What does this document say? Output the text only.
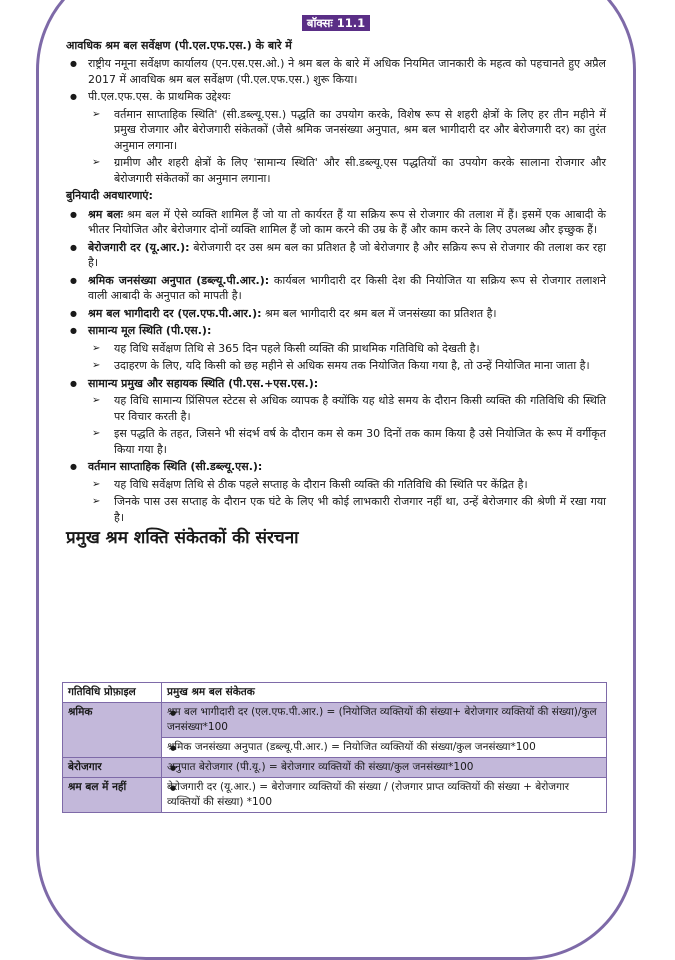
बॉक्सः 11.1
आवधिक श्रम बल सर्वेक्षण (पी.एल.एफ.एस.) के बारे में
● राष्ट्रीय नमूना सर्वेक्षण कार्यालय (एन.एस.एस.ओ.) ने श्रम बल के बारे में अधिक नियमित जानकारी के महत्व को पहचानते हुए अप्रैल 2017 में आवधिक श्रम बल सर्वेक्षण (पी.एल.एफ.एस.) शुरू किया।
● पी.एल.एफ.एस. के प्राथमिक उद्देश्यः
➢ वर्तमान साप्ताहिक स्थिति' (सी.डब्ल्यू.एस.) पद्धति का उपयोग करके, विशेष रूप से शहरी क्षेत्रों के लिए हर तीन महीने में प्रमुख रोजगार और बेरोजगारी संकेतकों (जैसे श्रमिक जनसंख्या अनुपात, श्रम बल भागीदारी दर और बेरोजगारी दर) का तुरंत अनुमान लगाना।
➢ ग्रामीण और शहरी क्षेत्रों के लिए 'सामान्य स्थिति' और सी.डब्ल्यू.एस पद्धतियों का उपयोग करके सालाना रोजगार और बेरोजगारी संकेतकों का अनुमान लगाना।
बुनियादी अवधारणाएं:
● श्रम बलः श्रम बल में ऐसे व्यक्ति शामिल हैं जो या तो कार्यरत हैं या सक्रिय रूप से रोजगार की तलाश में हैं। इसमें एक आबादी के भीतर नियोजित और बेरोजगार दोनों व्यक्ति शामिल हैं जो काम करने की उम्र के हैं और काम करने के लिए उपलब्ध और इच्छुक हैं।
● बेरोजगारी दर (यू.आर.): बेरोजगारी दर उस श्रम बल का प्रतिशत है जो बेरोजगार है और सक्रिय रूप से रोजगार की तलाश कर रहा है।
● श्रमिक जनसंख्या अनुपात (डब्ल्यू.पी.आर.): कार्यबल भागीदारी दर किसी देश की नियोजित या सक्रिय रूप से रोजगार तलाशने वाली आबादी के अनुपात को मापती है।
● श्रम बल भागीदारी दर (एल.एफ.पी.आर.): श्रम बल भागीदारी दर श्रम बल में जनसंख्या का प्रतिशत है।
● सामान्य मूल स्थिति (पी.एस.):
➢ यह विधि सर्वेक्षण तिथि से 365 दिन पहले किसी व्यक्ति की प्राथमिक गतिविधि को देखती है।
➢ उदाहरण के लिए, यदि किसी को छह महीने से अधिक समय तक नियोजित किया गया है, तो उन्हें नियोजित माना जाता है।
● सामान्य प्रमुख और सहायक स्थिति (पी.एस.+एस.एस.):
➢ यह विधि सामान्य प्रिंसिपल स्टेटस से अधिक व्यापक है क्योंकि यह थोडे समय के दौरान किसी व्यक्ति की गतिविधि की स्थिति पर विचार करती है।
➢ इस पद्धति के तहत, जिसने भी संदर्भ वर्ष के दौरान कम से कम 30 दिनों तक काम किया है उसे नियोजित के रूप में वर्गीकृत किया गया है।
● वर्तमान साप्ताहिक स्थिति (सी.डब्ल्यू.एस.):
➢ यह विधि सर्वेक्षण तिथि से ठीक पहले सप्ताह के दौरान किसी व्यक्ति की गतिविधि की स्थिति पर केंद्रित है।
➢ जिनके पास उस सप्ताह के दौरान एक घंटे के लिए भी कोई लाभकारी रोजगार नहीं था, उन्हें बेरोजगार की श्रेणी में रखा गया है।
प्रमुख श्रम शक्ति संकेतकों की संरचना
गतिविधि प्रोफ़ाइल	प्रमुख श्रम बल संकेतक
श्रमिक	● श्रम बल भागीदारी दर (एल.एफ.पी.आर.) = (नियोजित व्यक्तियों की संख्या+ बेरोजगार व्यक्तियों की संख्या)/कुल जनसंख्या*100
	● श्रमिक जनसंख्या अनुपात (डब्ल्यू.पी.आर.) = नियोजित व्यक्तियों की संख्या/कुल जनसंख्या*100
बेरोजगार	● अनुपात बेरोजगार (पी.यू.) = बेरोजगार व्यक्तियों की संख्या/कुल जनसंख्या*100
श्रम बल में नहीं	● बेरोजगारी दर (यू.आर.) = बेरोजगार व्यक्तियों की संख्या / (रोजगार प्राप्त व्यक्तियों की संख्या + बेरोजगार व्यक्तियों की संख्या) *100
